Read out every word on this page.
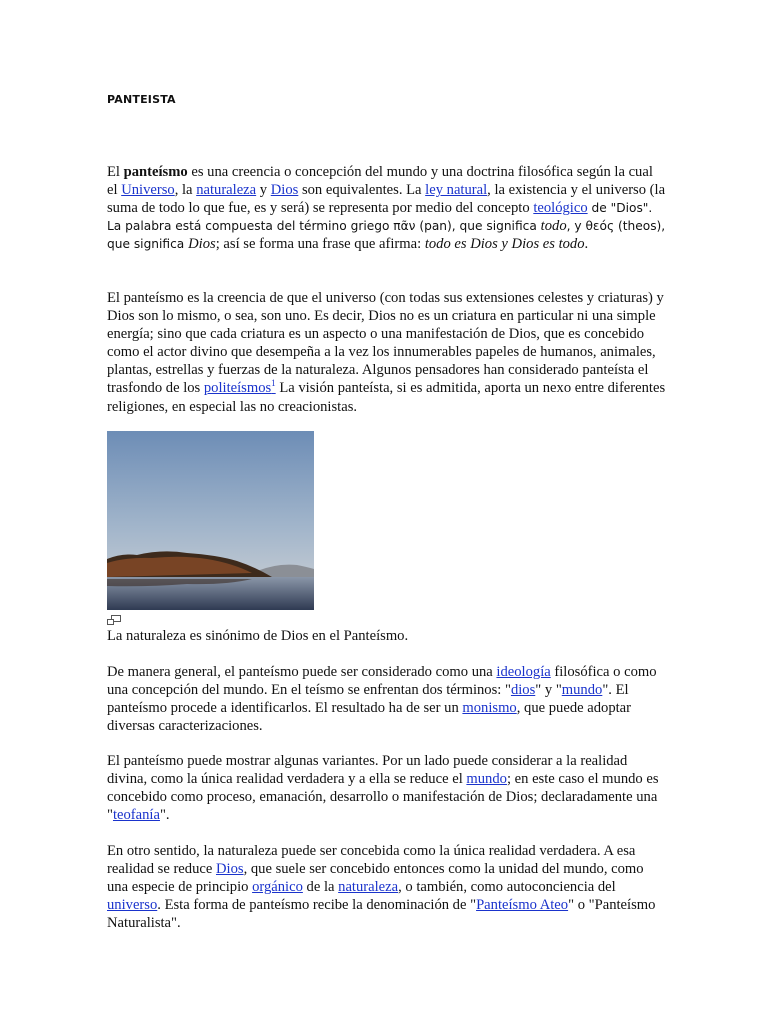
PANTEISTA

El panteísmo es una creencia o concepción del mundo y una doctrina filosófica según la cual el Universo, la naturaleza y Dios son equivalentes. La ley natural, la existencia y el universo (la suma de todo lo que fue, es y será) se representa por medio del concepto teológico de "Dios". La palabra está compuesta del término griego πᾶν (pan), que significa todo, y θεός (theos), que significa Dios; así se forma una frase que afirma: todo es Dios y Dios es todo.

El panteísmo es la creencia de que el universo (con todas sus extensiones celestes y criaturas) y Dios son lo mismo, o sea, son uno. Es decir, Dios no es un criatura en particular ni una simple energía; sino que cada criatura es un aspecto o una manifestación de Dios, que es concebido como el actor divino que desempeña a la vez los innumerables papeles de humanos, animales, plantas, estrellas y fuerzas de la naturaleza. Algunos pensadores han considerado panteísta el trasfondo de los politeísmos$^1$ La visión panteísta, si es admitida, aporta un nexo entre diferentes religiones, en especial las no creacionistas.

La naturaleza es sinónimo de Dios en el Panteísmo.

De manera general, el panteísmo puede ser considerado como una ideología filosófica o como una concepción del mundo. En el teísmo se enfrentan dos términos: "dios" y "mundo". El panteísmo procede a identificarlos. El resultado ha de ser un monismo, que puede adoptar diversas caracterizaciones.

El panteísmo puede mostrar algunas variantes. Por un lado puede considerar a la realidad divina, como la única realidad verdadera y a ella se reduce el mundo; en este caso el mundo es concebido como proceso, emanación, desarrollo o manifestación de Dios; declaradamente una "teofanía".

En otro sentido, la naturaleza puede ser concebida como la única realidad verdadera. A esa realidad se reduce Dios, que suele ser concebido entonces como la unidad del mundo, como una especie de principio orgánico de la naturaleza, o también, como autoconciencia del universo. Esta forma de panteísmo recibe la denominación de "Panteísmo Ateo" o "Panteísmo Naturalista".
